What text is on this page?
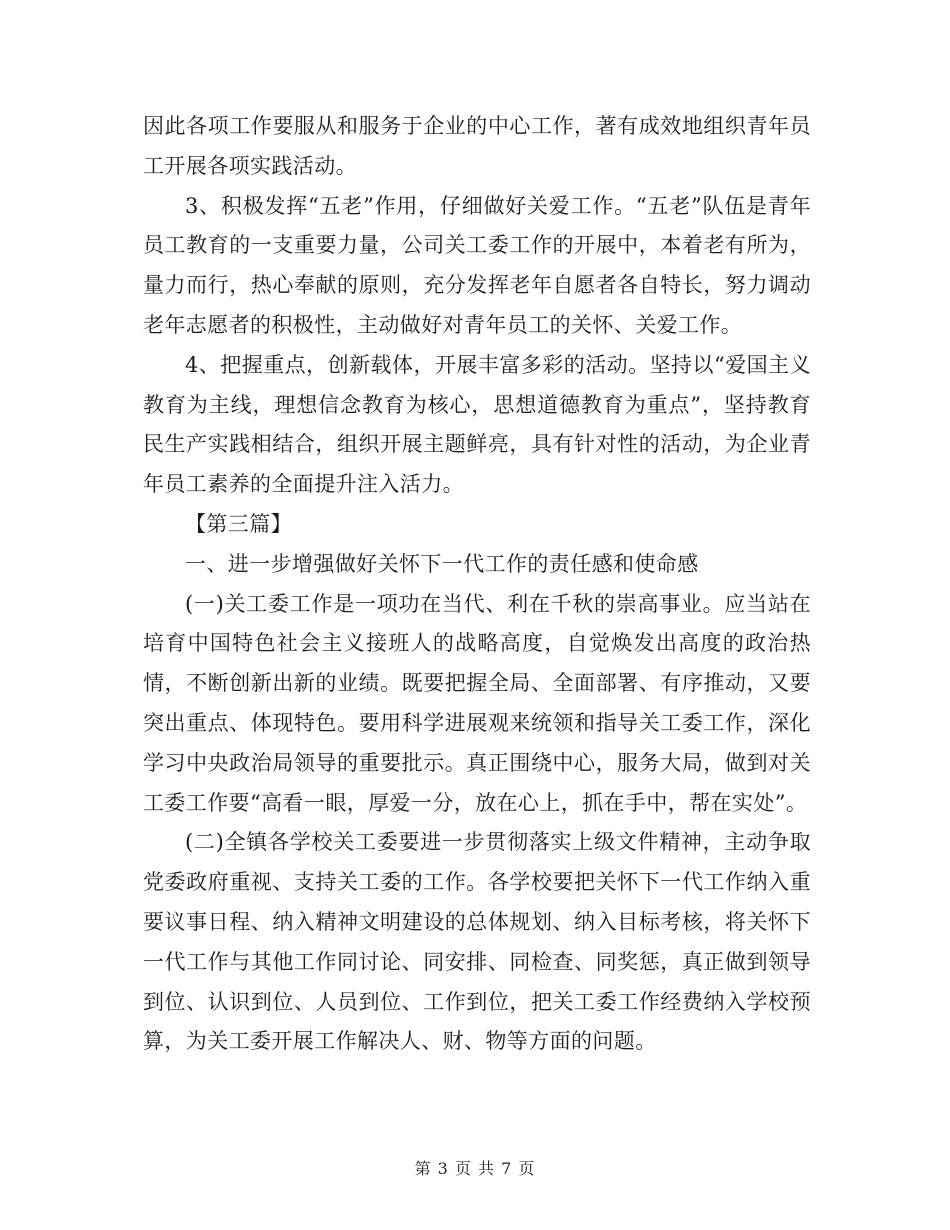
因此各项工作要服从和服务于企业的中心工作，著有成效地组织青年员工开展各项实践活动。

3、积极发挥“五老”作用，仔细做好关爱工作。“五老”队伍是青年员工教育的一支重要力量，公司关工委工作的开展中，本着老有所为，量力而行，热心奉献的原则，充分发挥老年自愿者各自特长，努力调动老年志愿者的积极性，主动做好对青年员工的关怀、关爱工作。

4、把握重点，创新载体，开展丰富多彩的活动。坚持以“爱国主义教育为主线，理想信念教育为核心，思想道德教育为重点”，坚持教育民生产实践相结合，组织开展主题鲜亮，具有针对性的活动，为企业青年员工素养的全面提升注入活力。

【第三篇】

一、进一步增强做好关怀下一代工作的责任感和使命感

(一)关工委工作是一项功在当代、利在千秋的崇高事业。应当站在培育中国特色社会主义接班人的战略高度，自觉焕发出高度的政治热情，不断创新出新的业绩。既要把握全局、全面部署、有序推动，又要突出重点、体现特色。要用科学进展观来统领和指导关工委工作，深化学习中央政治局领导的重要批示。真正围绕中心，服务大局，做到对关工委工作要“高看一眼，厚爱一分，放在心上，抓在手中，帮在实处”。

(二)全镇各学校关工委要进一步贯彻落实上级文件精神，主动争取党委政府重视、支持关工委的工作。各学校要把关怀下一代工作纳入重要议事日程、纳入精神文明建设的总体规划、纳入目标考核，将关怀下一代工作与其他工作同讨论、同安排、同检查、同奖惩，真正做到领导到位、认识到位、人员到位、工作到位，把关工委工作经费纳入学校预算，为关工委开展工作解决人、财、物等方面的问题。

第 3 页 共 7 页
